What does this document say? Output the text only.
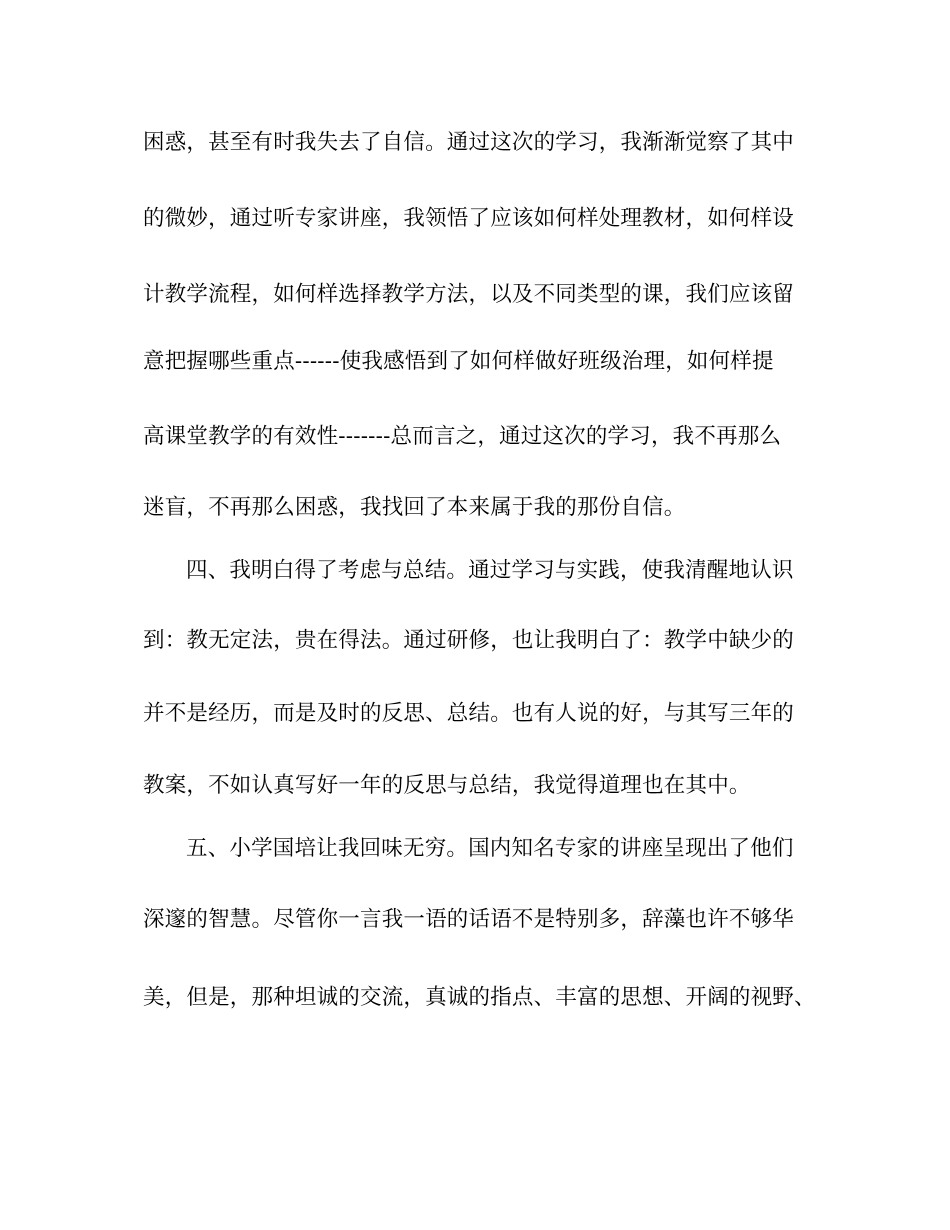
困惑，甚至有时我失去了自信。通过这次的学习，我渐渐觉察了其中
的微妙，通过听专家讲座，我领悟了应该如何样处理教材，如何样设
计教学流程，如何样选择教学方法，以及不同类型的课，我们应该留
意把握哪些重点------使我感悟到了如何样做好班级治理，如何样提
高课堂教学的有效性-------总而言之，通过这次的学习，我不再那么
迷盲，不再那么困惑，我找回了本来属于我的那份自信。
四、我明白得了考虑与总结。通过学习与实践，使我清醒地认识
到：教无定法，贵在得法。通过研修，也让我明白了：教学中缺少的
并不是经历，而是及时的反思、总结。也有人说的好，与其写三年的
教案，不如认真写好一年的反思与总结，我觉得道理也在其中。
五、小学国培让我回味无穷。国内知名专家的讲座呈现出了他们
深邃的智慧。尽管你一言我一语的话语不是特别多，辞藻也许不够华
美，但是，那种坦诚的交流，真诚的指点、丰富的思想、开阔的视野、
